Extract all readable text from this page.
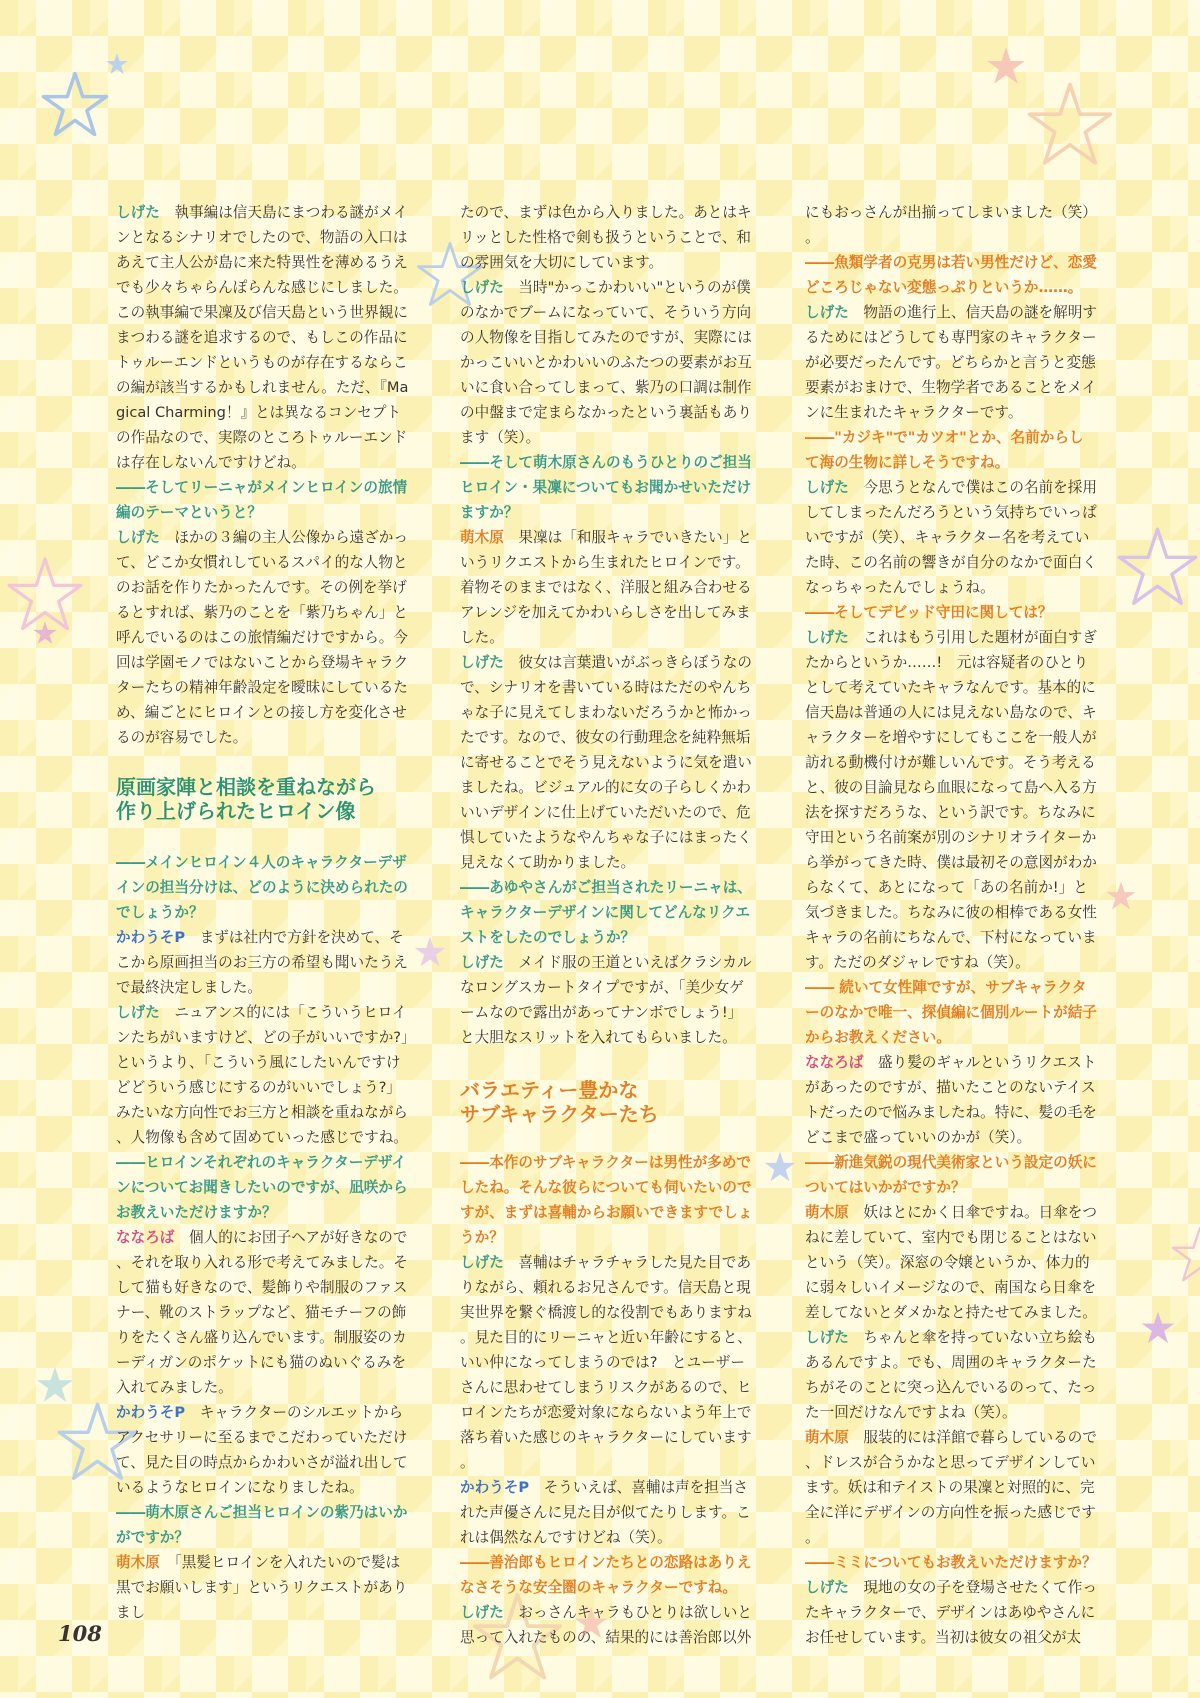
しげた　 執事編は信天島にまつわる謎がメインとなるシナリオでしたので、物語の入口はあえて主人公が島に来た特異性を薄めるうえでも少々ちゃらんぽらんな感じにしました。この執事編で果凜及び信天島という世界観にまつわる謎を追求するので、もしこの作品にトゥルーエンドというものが存在するならこの編が該当するかもしれません。ただ、『Magical Charming！』とは異なるコンセプトの作品なので、実際のところトゥルーエンドは存在しないんですけどね。

――そしてリーニャがメインヒロインの旅情編のテーマというと？

しげた　 ほかの３編の主人公像から遠ざかって、どこか女慣れしているスパイ的な人物とのお話を作りたかったんです。その例を挙げるとすれば、紫乃のことを「紫乃ちゃん」と呼んでいるのはこの旅情編だけですから。今回は学園モノではないことから登場キャラクターたちの精神年齢設定を曖昧にしているため、編ごとにヒロインとの接し方を変化させるのが容易でした。

原画家陣と相談を重ねながら
作り上げられたヒロイン像

――メインヒロイン４人のキャラクターデザインの担当分けは、どのように決められたのでしょうか？

かわうそP　 まずは社内で方針を決めて、そこから原画担当のお三方の希望も聞いたうえで最終決定しました。

しげた　 ニュアンス的には「こういうヒロインたちがいますけど、どの子がいいですか?」というより、「こういう風にしたいんですけどどういう感じにするのがいいでしょう?」みたいな方向性でお三方と相談を重ねながら、人物像も含めて固めていった感じですね。

――ヒロインそれぞれのキャラクターデザインについてお聞きしたいのですが、凪咲からお教えいただけますか？

ななろば　 個人的にお団子ヘアが好きなので、それを取り入れる形で考えてみました。そして猫も好きなので、髪飾りや制服のファスナー、靴のストラップなど、猫モチーフの飾りをたくさん盛り込んでいます。制服姿のカーディガンのポケットにも猫のぬいぐるみを入れてみました。

かわうそP　 キャラクターのシルエットからアクセサリーに至るまでこだわっていただけて、見た目の時点からかわいさが溢れ出しているようなヒロインになりましたね。

――萌木原さんご担当ヒロインの紫乃はいかがですか？

萌木原　 「黒髪ヒロインを入れたいので髪は黒でお願いします」というリクエストがありまし

たので、まずは色から入りました。あとはキリッとした性格で剣も扱うということで、和の雰囲気を大切にしています。

しげた　 当時"かっこかわいい"というのが僕のなかでブームになっていて、そういう方向の人物像を目指してみたのですが、実際にはかっこいいとかわいいのふたつの要素がお互いに食い合ってしまって、紫乃の口調は制作の中盤まで定まらなかったという裏話もあります（笑）。

――そして萌木原さんのもうひとりのご担当ヒロイン・果凜についてもお聞かせいただけますか？

萌木原　 果凜は「和服キャラでいきたい」というリクエストから生まれたヒロインです。着物そのままではなく、洋服と組み合わせるアレンジを加えてかわいらしさを出してみました。

しげた　 彼女は言葉遣いがぶっきらぼうなので、シナリオを書いている時はただのやんちゃな子に見えてしまわないだろうかと怖かったです。なので、彼女の行動理念を純粋無垢に寄せることでそう見えないように気を遣いましたね。ビジュアル的に女の子らしくかわいいデザインに仕上げていただいたので、危惧していたようなやんちゃな子にはまったく見えなくて助かりました。

――あゆやさんがご担当されたリーニャは、キャラクターデザインに関してどんなリクエストをしたのでしょうか？

しげた　 メイド服の王道といえばクラシカルなロングスカートタイプですが、「美少女ゲームなので露出があってナンボでしょう!」と大胆なスリットを入れてもらいました。

バラエティー豊かな
サブキャラクターたち

――本作のサブキャラクターは男性が多めでしたね。そんな彼らについても伺いたいのですが、まずは喜輔からお願いできますでしょうか？

しげた　 喜輔はチャラチャラした見た目でありながら、頼れるお兄さんです。信天島と現実世界を繋ぐ橋渡し的な役割でもありますね。見た目的にリーニャと近い年齢にすると、いい仲になってしまうのでは?　とユーザーさんに思わせてしまうリスクがあるので、ヒロインたちが恋愛対象にならないよう年上で落ち着いた感じのキャラクターにしています。

かわうそP　 そういえば、喜輔は声を担当された声優さんに見た目が似てたりします。これは偶然なんですけどね（笑）。

――善治郎もヒロインたちとの恋路はありえなさそうな安全圏のキャラクターですね。

しげた　 おっさんキャラもひとりは欲しいと思って入れたものの、結果的には善治郎以外

にもおっさんが出揃ってしまいました（笑）。

――魚類学者の克男は若い男性だけど、恋愛どころじゃない変態っぷりというか……。

しげた　 物語の進行上、信天島の謎を解明するためにはどうしても専門家のキャラクターが必要だったんです。どちらかと言うと変態要素がおまけで、生物学者であることをメインに生まれたキャラクターです。

――"カジキ"で"カツオ"とか、名前からして海の生物に詳しそうですね。

しげた　 今思うとなんで僕はこの名前を採用してしまったんだろうという気持ちでいっぱいですが（笑）、キャラクター名を考えていた時、この名前の響きが自分のなかで面白くなっちゃったんでしょうね。

――そしてデビッド守田に関しては？

しげた　 これはもう引用した題材が面白すぎたからというか……!　元は容疑者のひとりとして考えていたキャラなんです。基本的に信天島は普通の人には見えない島なので、キャラクターを増やすにしてもここを一般人が訪れる動機付けが難しいんです。そう考えると、彼の目論見なら血眼になって島へ入る方法を探すだろうな、という訳です。ちなみに守田という名前案が別のシナリオライターから挙がってきた時、僕は最初その意図がわからなくて、あとになって「あの名前か!」と気づきました。ちなみに彼の相棒である女性キャラの名前にちなんで、下村になっています。ただのダジャレですね（笑）。

―― 続いて女性陣ですが、サブキャラクターのなかで唯一、探偵編に個別ルートが結子からお教えください。

ななろば　 盛り髪のギャルというリクエストがあったのですが、描いたことのないテイストだったので悩みましたね。特に、髪の毛をどこまで盛っていいのかが（笑）。

――新進気鋭の現代美術家という設定の妖についてはいかがですか？

萌木原　 妖はとにかく日傘ですね。日傘をつねに差していて、室内でも閉じることはないという（笑）。深窓の令嬢というか、体力的に弱々しいイメージなので、南国なら日傘を差してないとダメかなと持たせてみました。

しげた　 ちゃんと傘を持っていない立ち絵もあるんですよ。でも、周囲のキャラクターたちがそのことに突っ込んでいるのって、たった一回だけなんですよね（笑）。

萌木原　 服装的には洋館で暮らしているので、ドレスが合うかなと思ってデザインしています。妖は和テイストの果凜と対照的に、完全に洋にデザインの方向性を振った感じです。

――ミミについてもお教えいただけますか？

しげた　 現地の女の子を登場させたくて作ったキャラクターで、デザインはあゆやさんにお任せしています。当初は彼女の祖父が太

108
